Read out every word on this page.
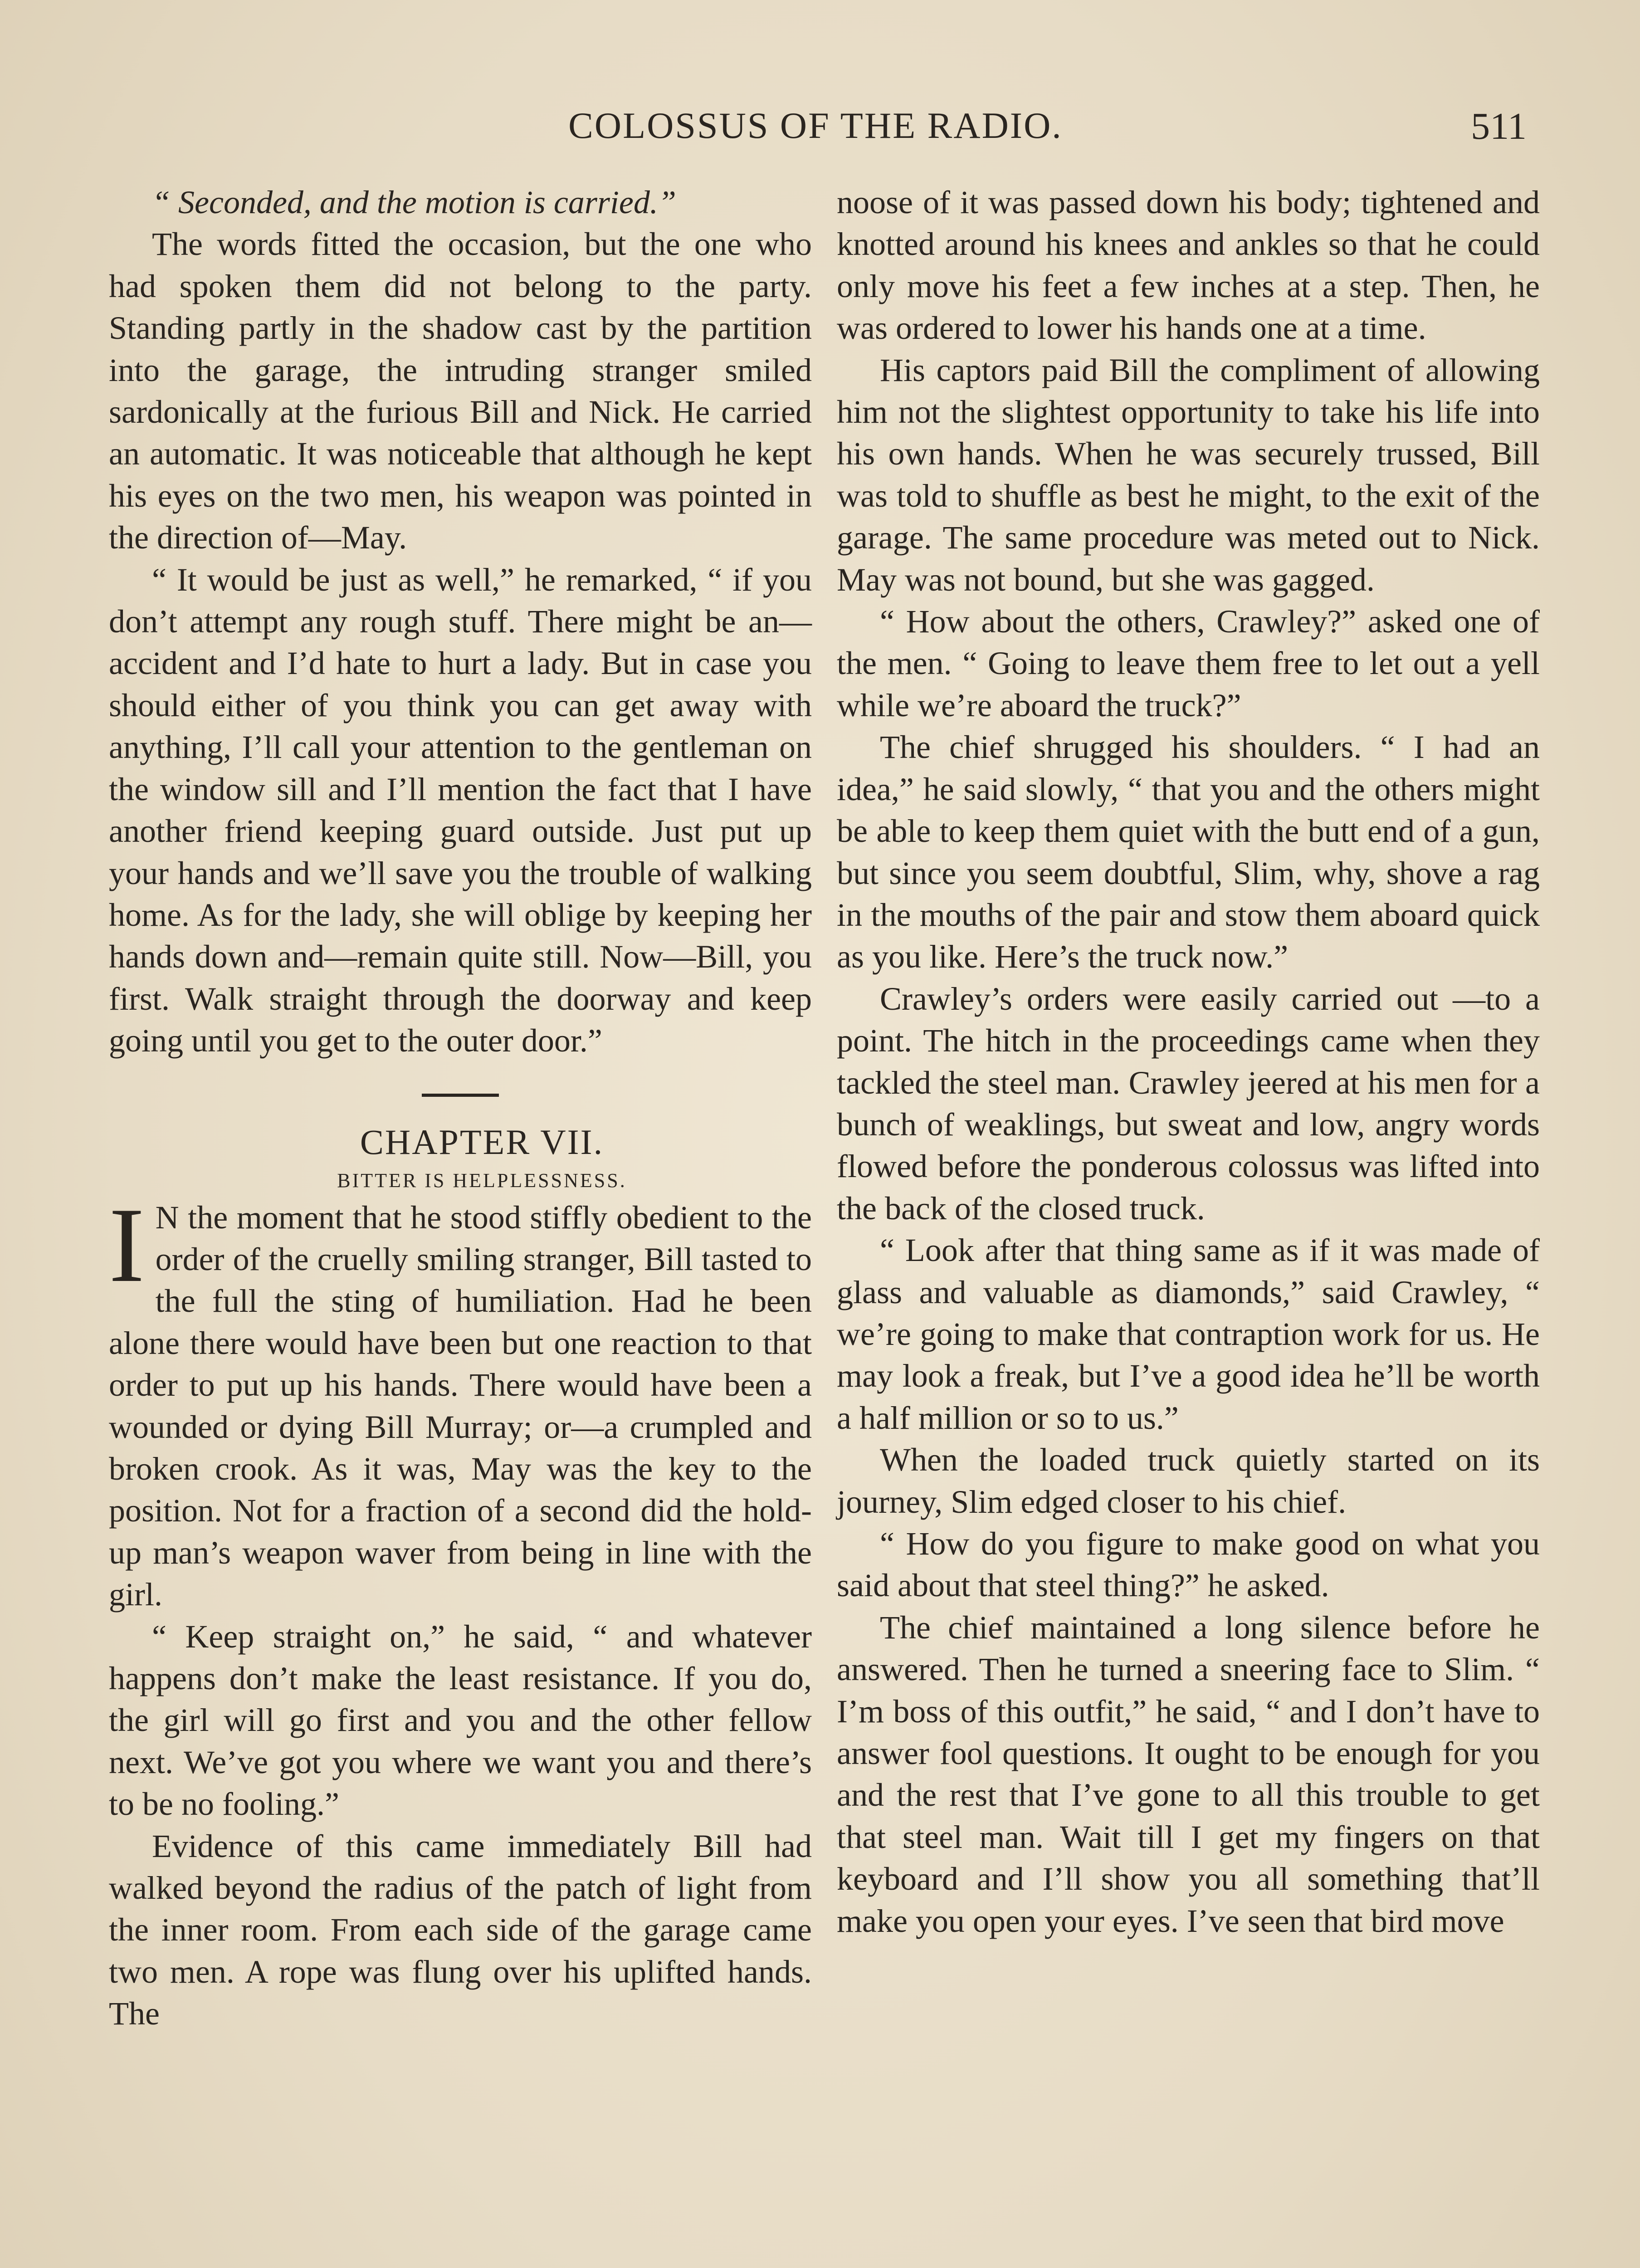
COLOSSUS OF THE RADIO.	511

“ Seconded, and the motion is carried.”

The words fitted the occasion, but the one who had spoken them did not belong to the party. Standing partly in the shadow cast by the partition into the garage, the intruding stranger smiled sardonically at the furious Bill and Nick. He carried an automatic. It was noticeable that although he kept his eyes on the two men, his weapon was pointed in the direction of—May.

“ It would be just as well,” he remarked, “ if you don’t attempt any rough stuff. There might be an—accident and I’d hate to hurt a lady. But in case you should either of you think you can get away with anything, I’ll call your attention to the gentleman on the window sill and I’ll mention the fact that I have another friend keeping guard outside. Just put up your hands and we’ll save you the trouble of walking home. As for the lady, she will oblige by keeping her hands down and—remain quite still. Now—Bill, you first. Walk straight through the doorway and keep going until you get to the outer door.”

CHAPTER VII.

BITTER IS HELPLESSNESS.

I N the moment that he stood stiffly obedient to the order of the cruelly smiling stranger, Bill tasted to the full the sting of humiliation. Had he been alone there would have been but one reaction to that order to put up his hands. There would have been a wounded or dying Bill Murray; or—a crumpled and broken crook. As it was, May was the key to the position. Not for a fraction of a second did the hold-up man’s weapon waver from being in line with the girl.

“ Keep straight on,” he said, “ and whatever happens don’t make the least resistance. If you do, the girl will go first and you and the other fellow next. We’ve got you where we want you and there’s to be no fooling.”

Evidence of this came immediately Bill had walked beyond the radius of the patch of light from the inner room. From each side of the garage came two men. A rope was flung over his uplifted hands. The

noose of it was passed down his body; tightened and knotted around his knees and ankles so that he could only move his feet a few inches at a step. Then, he was ordered to lower his hands one at a time.

His captors paid Bill the compliment of allowing him not the slightest opportunity to take his life into his own hands. When he was securely trussed, Bill was told to shuffle as best he might, to the exit of the garage. The same procedure was meted out to Nick. May was not bound, but she was gagged.

“ How about the others, Crawley?” asked one of the men. “ Going to leave them free to let out a yell while we’re aboard the truck?”

The chief shrugged his shoulders. “ I had an idea,” he said slowly, “ that you and the others might be able to keep them quiet with the butt end of a gun, but since you seem doubtful, Slim, why, shove a rag in the mouths of the pair and stow them aboard quick as you like. Here’s the truck now.”

Crawley’s orders were easily carried out —to a point. The hitch in the proceedings came when they tackled the steel man. Crawley jeered at his men for a bunch of weaklings, but sweat and low, angry words flowed before the ponderous colossus was lifted into the back of the closed truck.

“ Look after that thing same as if it was made of glass and valuable as diamonds,” said Crawley, “ we’re going to make that contraption work for us. He may look a freak, but I’ve a good idea he’ll be worth a half million or so to us.”

When the loaded truck quietly started on its journey, Slim edged closer to his chief.

“ How do you figure to make good on what you said about that steel thing?” he asked.

The chief maintained a long silence before he answered. Then he turned a sneering face to Slim. “ I’m boss of this outfit,” he said, “ and I don’t have to answer fool questions. It ought to be enough for you and the rest that I’ve gone to all this trouble to get that steel man. Wait till I get my fingers on that keyboard and I’ll show you all something that’ll make you open your eyes. I’ve seen that bird move
